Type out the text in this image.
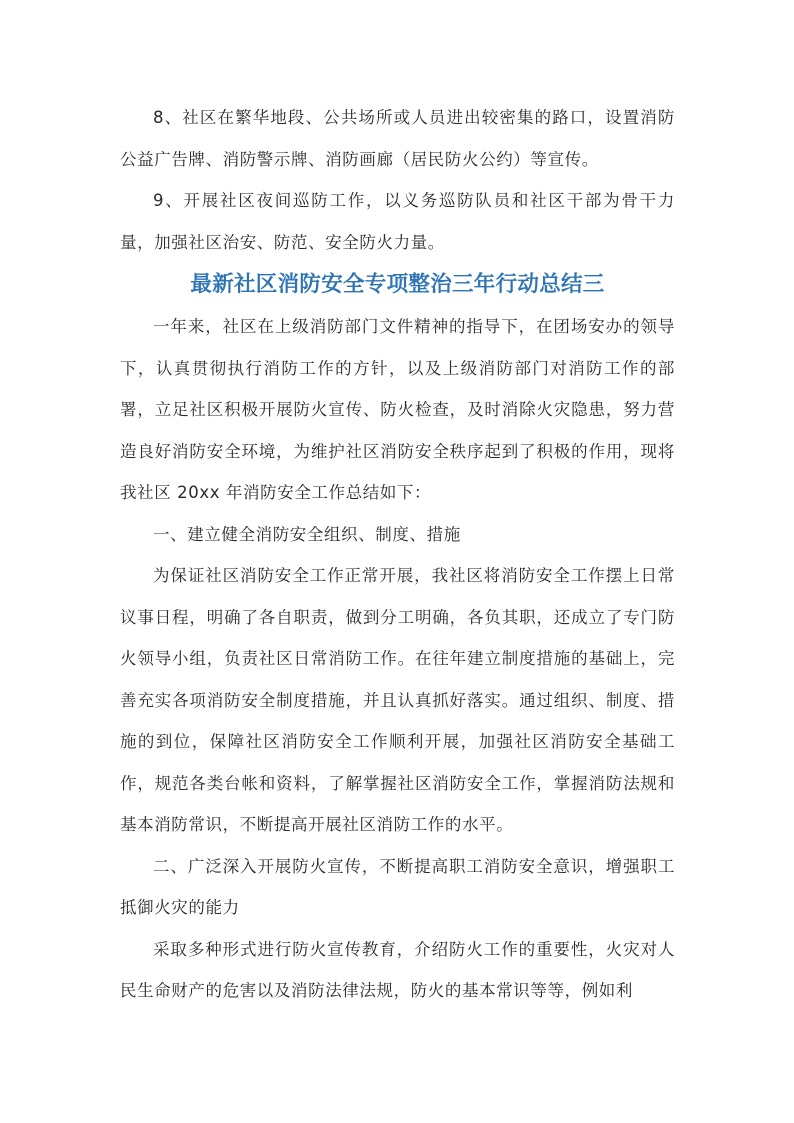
8、社区在繁华地段、公共场所或人员进出较密集的路口，设置消防公益广告牌、消防警示牌、消防画廊（居民防火公约）等宣传。

9、开展社区夜间巡防工作，以义务巡防队员和社区干部为骨干力量，加强社区治安、防范、安全防火力量。

最新社区消防安全专项整治三年行动总结三

一年来，社区在上级消防部门文件精神的指导下，在团场安办的领导下，认真贯彻执行消防工作的方针，以及上级消防部门对消防工作的部署，立足社区积极开展防火宣传、防火检查，及时消除火灾隐患，努力营造良好消防安全环境，为维护社区消防安全秩序起到了积极的作用，现将我社区 20xx 年消防安全工作总结如下：

一、建立健全消防安全组织、制度、措施

为保证社区消防安全工作正常开展，我社区将消防安全工作摆上日常议事日程，明确了各自职责，做到分工明确，各负其职，还成立了专门防火领导小组，负责社区日常消防工作。在往年建立制度措施的基础上，完善充实各项消防安全制度措施，并且认真抓好落实。通过组织、制度、措施的到位，保障社区消防安全工作顺利开展，加强社区消防安全基础工作，规范各类台帐和资料，了解掌握社区消防安全工作，掌握消防法规和基本消防常识，不断提高开展社区消防工作的水平。

二、广泛深入开展防火宣传，不断提高职工消防安全意识，增强职工抵御火灾的能力

采取多种形式进行防火宣传教育，介绍防火工作的重要性，火灾对人民生命财产的危害以及消防法律法规，防火的基本常识等等，例如利
